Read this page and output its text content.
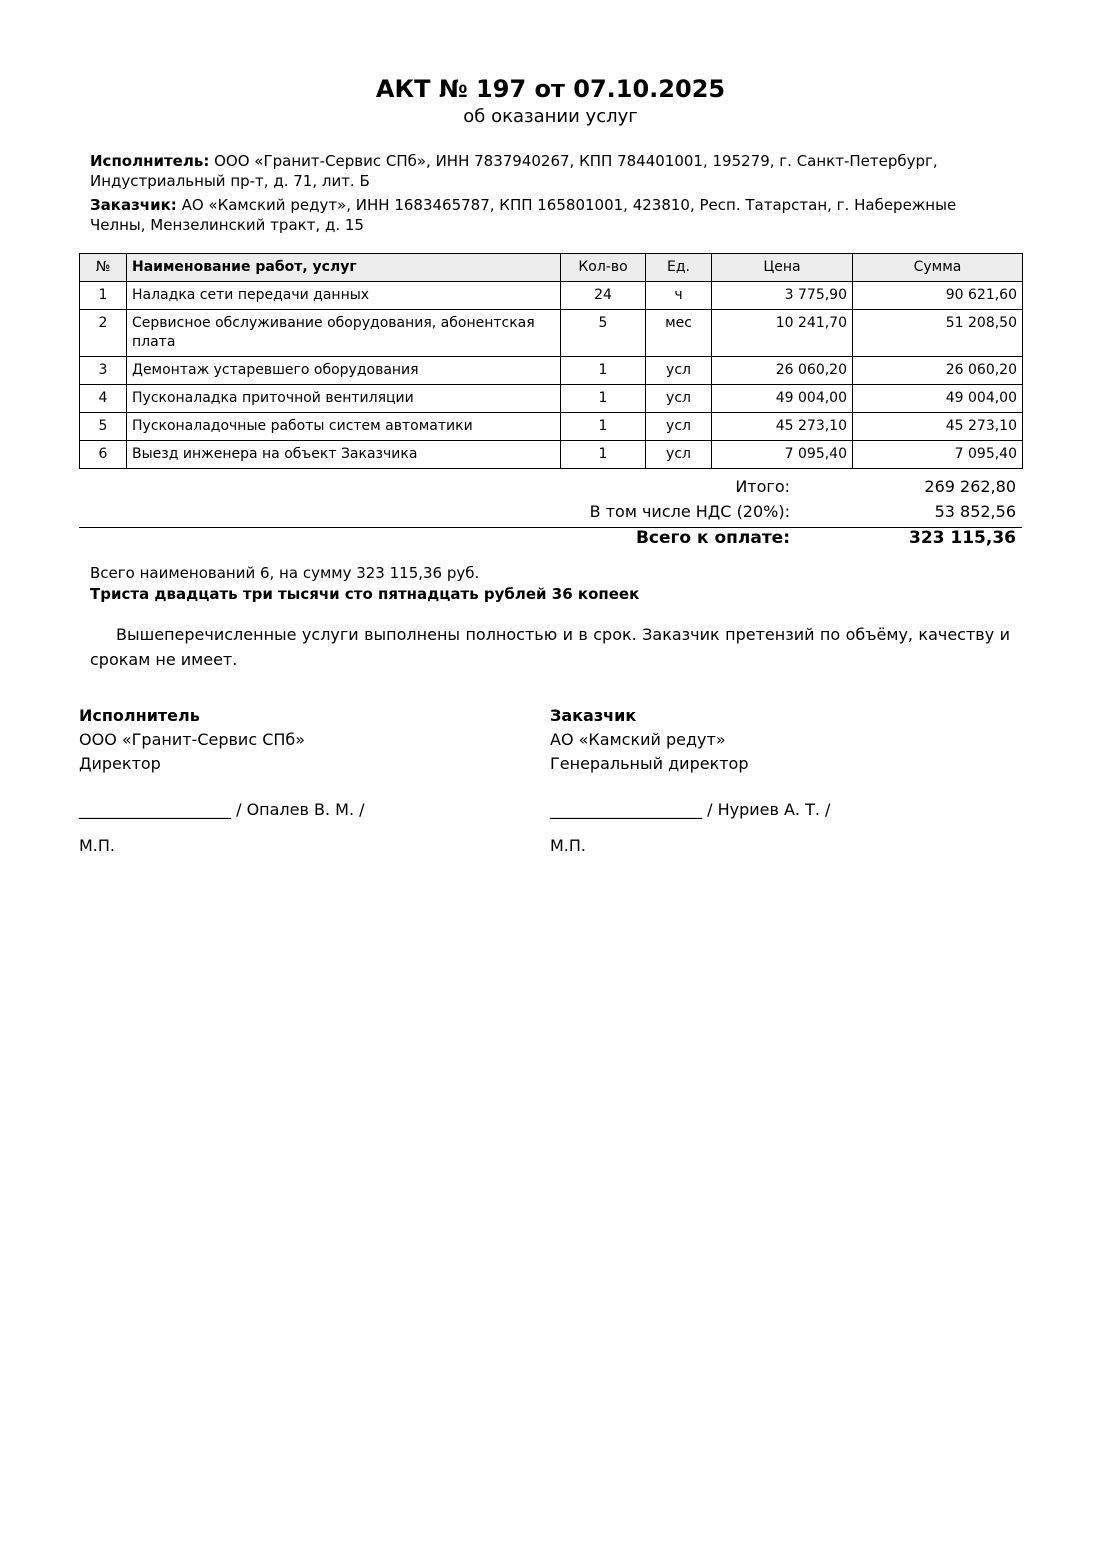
АКТ № 197 от 07.10.2025
об оказании услуг
Исполнитель: ООО «Гранит-Сервис СПб», ИНН 7837940267, КПП 784401001, 195279, г. Санкт-Петербург, Индустриальный пр-т, д. 71, лит. Б
Заказчик: АО «Камский редут», ИНН 1683465787, КПП 165801001, 423810, Респ. Татарстан, г. Набережные Челны, Мензелинский тракт, д. 15
№	Наименование работ, услуг	Кол-во	Ед.	Цена	Сумма
1	Наладка сети передачи данных	24	ч	3 775,90	90 621,60
2	Сервисное обслуживание оборудования, абонентская плата	5	мес	10 241,70	51 208,50
3	Демонтаж устаревшего оборудования	1	усл	26 060,20	26 060,20
4	Пусконаладка приточной вентиляции	1	усл	49 004,00	49 004,00
5	Пусконаладочные работы систем автоматики	1	усл	45 273,10	45 273,10
6	Выезд инженера на объект Заказчика	1	усл	7 095,40	7 095,40
Итого:	269 262,80
В том числе НДС (20%):	53 852,56
Всего к оплате:	323 115,36
Всего наименований 6, на сумму 323 115,36 руб.
Триста двадцать три тысячи сто пятнадцать рублей 36 копеек
Вышеперечисленные услуги выполнены полностью и в срок. Заказчик претензий по объёму, качеству и срокам не имеет.
Исполнитель
ООО «Гранит-Сервис СПб»
Директор
___________________ / Опалев В. М. /
М.П.
Заказчик
АО «Камский редут»
Генеральный директор
___________________ / Нуриев А. Т. /
М.П.
